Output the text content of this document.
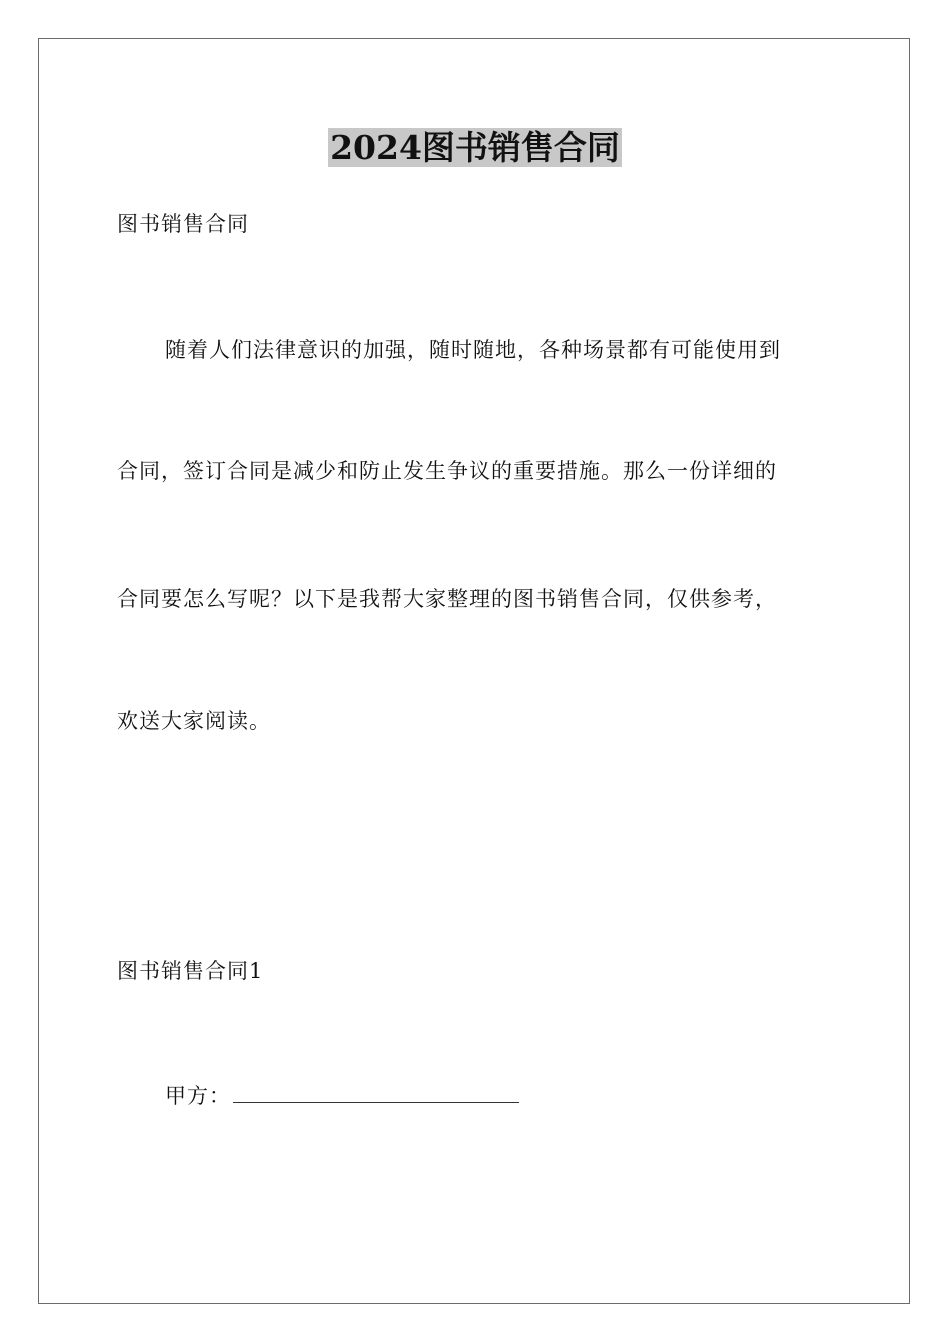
2024图书销售合同
图书销售合同
随着人们法律意识的加强，随时随地，各种场景都有可能使用到
合同，签订合同是减少和防止发生争议的重要措施。那么一份详细的
合同要怎么写呢？以下是我帮大家整理的图书销售合同，仅供参考，
欢送大家阅读。
图书销售合同1
甲方：
